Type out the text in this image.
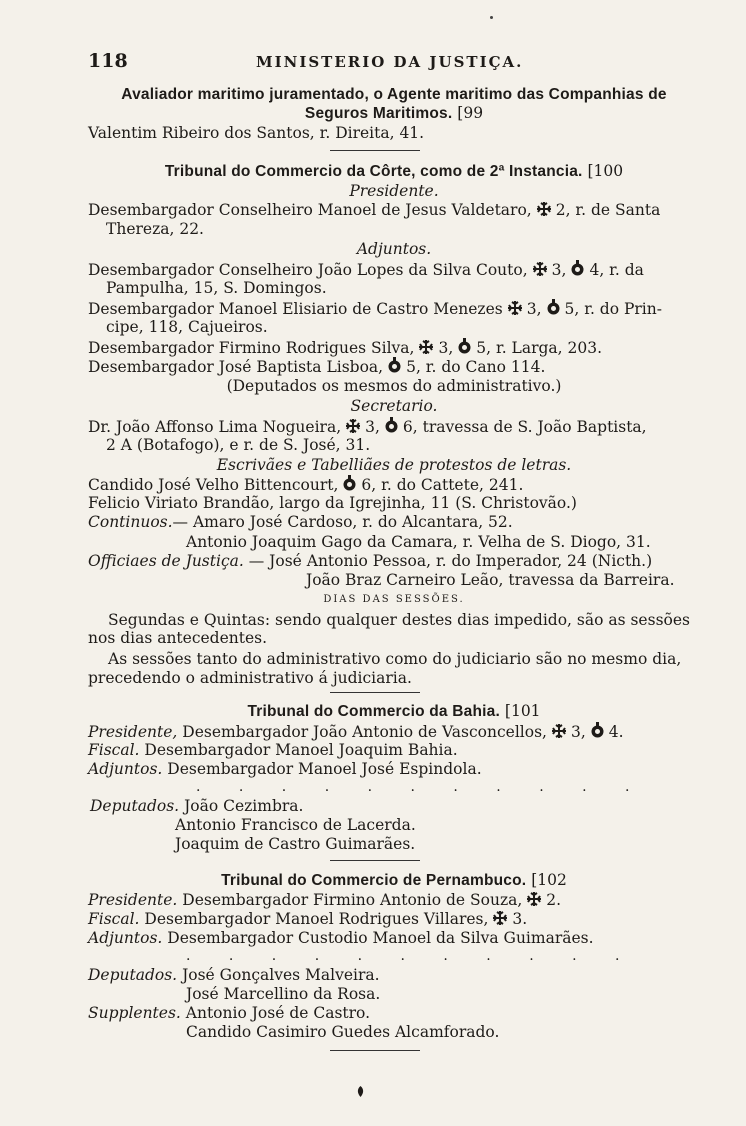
118	MINISTERIO DA JUSTIÇA.
Avaliador maritimo juramentado, o Agente maritimo das Companhias de
Seguros Maritimos. [99
Valentim Ribeiro dos Santos, r. Direita, 41.
Tribunal do Commercio da Côrte, como de 2ª Instancia. [100
Presidente.
Desembargador Conselheiro Manoel de Jesus Valdetaro, 2, r. de Santa
Thereza, 22.
Adjuntos.
Desembargador Conselheiro João Lopes da Silva Couto, 3, 4, r. da
Pampulha, 15, S. Domingos.
Desembargador Manoel Elisiario de Castro Menezes 3, 5, r. do Prin-
cipe, 118, Cajueiros.
Desembargador Firmino Rodrigues Silva, 3, 5, r. Larga, 203.
Desembargador José Baptista Lisboa, 5, r. do Cano 114.
(Deputados os mesmos do administrativo.)
Secretario.
Dr. João Affonso Lima Nogueira, 3, 6, travessa de S. João Baptista,
2 A (Botafogo), e r. de S. José, 31.
Escrivães e Tabelliães de protestos de letras.
Candido José Velho Bittencourt, 6, r. do Cattete, 241.
Felicio Viriato Brandão, largo da Igrejinha, 11 (S. Christovão.)
Continuos.— Amaro José Cardoso, r. do Alcantara, 52.
Antonio Joaquim Gago da Camara, r. Velha de S. Diogo, 31.
Officiaes de Justiça. — José Antonio Pessoa, r. do Imperador, 24 (Nicth.)
João Braz Carneiro Leão, travessa da Barreira.
DIAS DAS SESSÕES.
Segundas e Quintas: sendo qualquer destes dias impedido, são as sessões
nos dias antecedentes.
As sessões tanto do administrativo como do judiciario são no mesmo dia,
precedendo o administrativo á judiciaria.
Tribunal do Commercio da Bahia. [101
Presidente, Desembargador João Antonio de Vasconcellos, 3, 4.
Fiscal. Desembargador Manoel Joaquim Bahia.
Adjuntos. Desembargador Manoel José Espindola.
. . . . . . . . . . .
Deputados. João Cezimbra.
Antonio Francisco de Lacerda.
Joaquim de Castro Guimarães.
Tribunal do Commercio de Pernambuco. [102
Presidente. Desembargador Firmino Antonio de Souza, 2.
Fiscal. Desembargador Manoel Rodrigues Villares, 3.
Adjuntos. Desembargador Custodio Manoel da Silva Guimarães.
. . . . . . . . . . .
Deputados. José Gonçalves Malveira.
José Marcellino da Rosa.
Supplentes. Antonio José de Castro.
Candido Casimiro Guedes Alcamforado.
